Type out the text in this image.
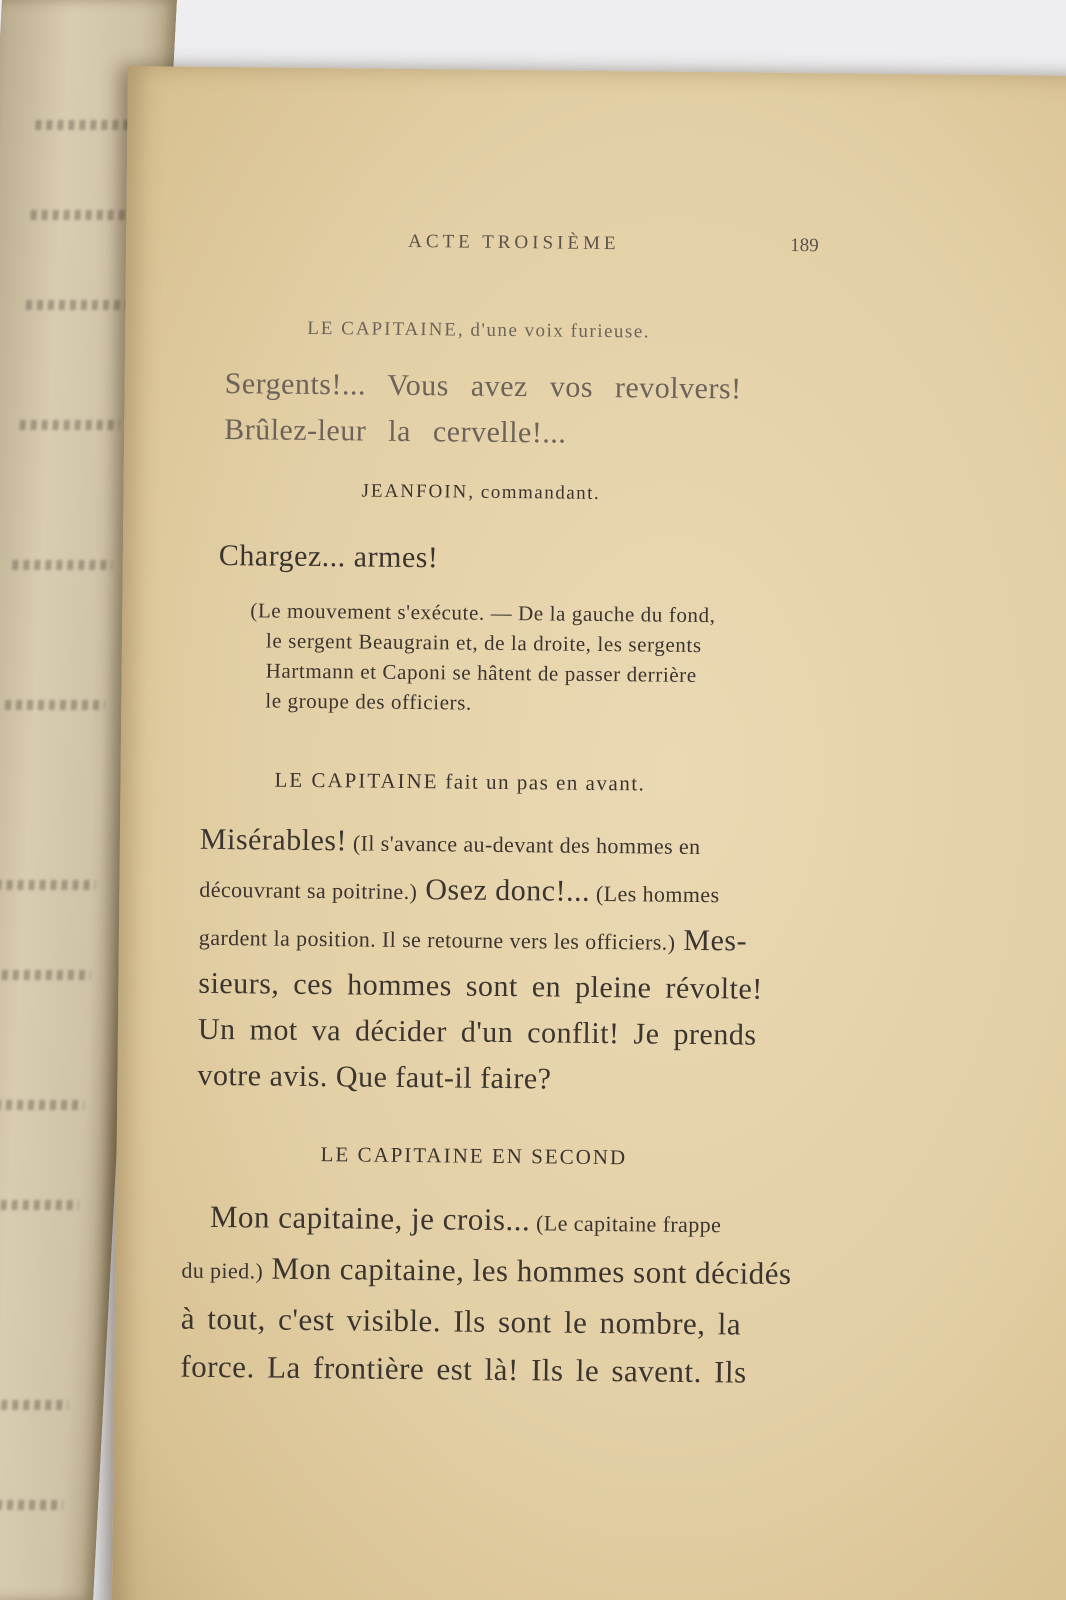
ACTE TROISIÈME	189
LE CAPITAINE, d'une voix furieuse.
Sergents!... Vous avez vos revolvers!
Brûlez-leur la cervelle!...
JEANFOIN, commandant.
Chargez... armes!
(Le mouvement s'exécute. — De la gauche du fond,
le sergent Beaugrain et, de la droite, les sergents
Hartmann et Caponi se hâtent de passer derrière
le groupe des officiers.
LE CAPITAINE fait un pas en avant.
Misérables! (Il s'avance au-devant des hommes en
découvrant sa poitrine.) Osez donc!... (Les hommes
gardent la position. Il se retourne vers les officiers.) Mes-
sieurs, ces hommes sont en pleine révolte!
Un mot va décider d'un conflit! Je prends
votre avis. Que faut-il faire?
LE CAPITAINE EN SECOND
Mon capitaine, je crois... (Le capitaine frappe
du pied.) Mon capitaine, les hommes sont décidés
à tout, c'est visible. Ils sont le nombre, la
force. La frontière est là! Ils le savent. Ils
